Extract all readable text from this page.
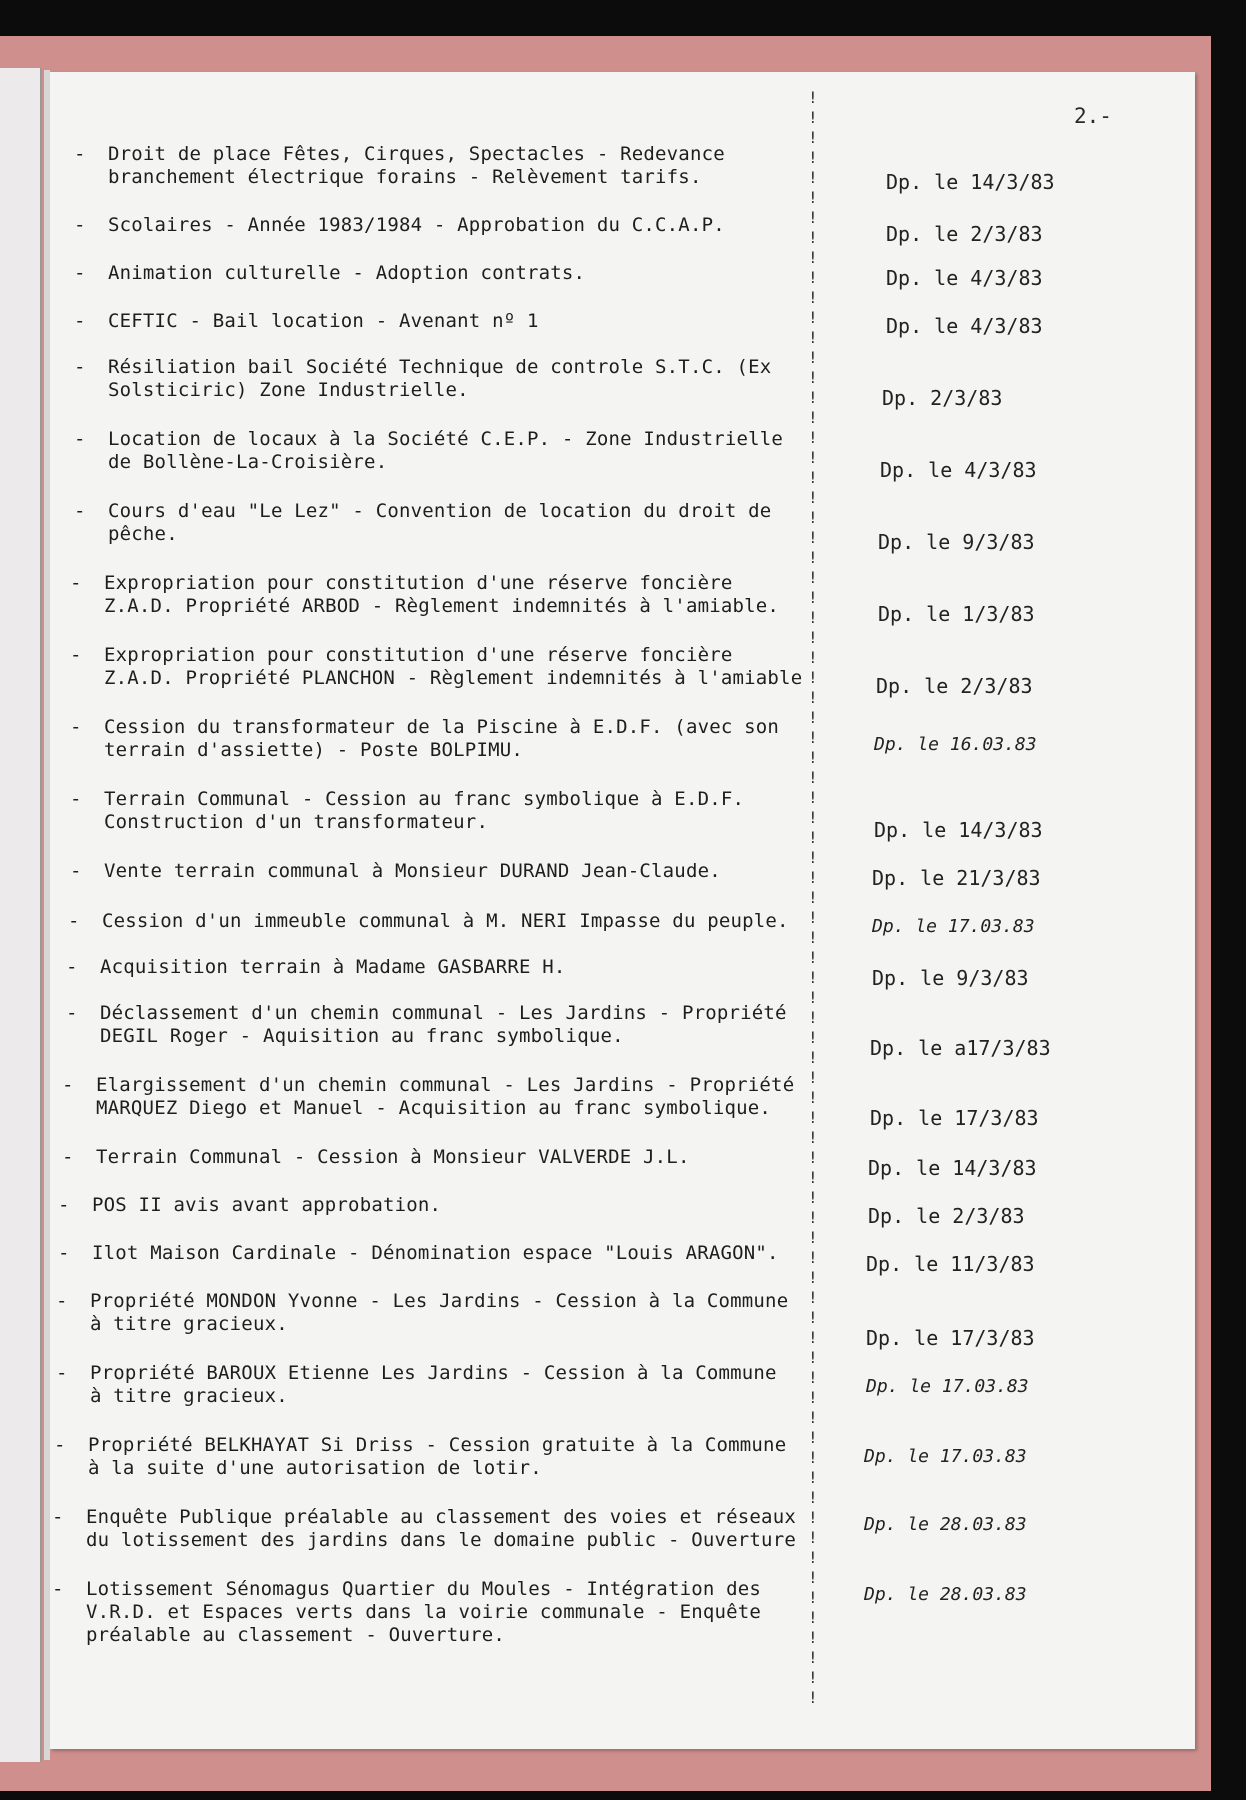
2.-
!
!
!
!
!
!
!
!
!
!
!
!
!
!
!
!
!
!
!
!
!
!
!
!
!
!
!
!
!
!
!
!
!
!
!
!
!
!
!
!
!
!
!
!
!
!
!
!
!
!
!
!
!
!
!
!
!
!
!
!
!
!
!
!
!
!
!
!
!
!
!
!
!
!
!
!
!
!
!
!
!
- Droit de place Fêtes, Cirques, Spectacles - Redevance
branchement électrique forains - Relèvement tarifs.	Dp. le 14/3/83
- Scolaires - Année 1983/1984 - Approbation du C.C.A.P.	Dp. le 2/3/83
- Animation culturelle - Adoption contrats.	Dp. le 4/3/83
- CEFTIC - Bail location - Avenant nº 1	Dp. le 4/3/83
- Résiliation bail Société Technique de controle S.T.C. (Ex
Solsticiric) Zone Industrielle.	Dp. 2/3/83
- Location de locaux à la Société C.E.P. - Zone Industrielle
de Bollène-La-Croisière.	Dp. le 4/3/83
- Cours d'eau "Le Lez" - Convention de location du droit de
pêche.	Dp. le 9/3/83
- Expropriation pour constitution d'une réserve foncière
Z.A.D. Propriété ARBOD - Règlement indemnités à l'amiable.	Dp. le 1/3/83
- Expropriation pour constitution d'une réserve foncière
Z.A.D. Propriété PLANCHON - Règlement indemnités à l'amiable	Dp. le 2/3/83
- Cession du transformateur de la Piscine à E.D.F. (avec son
terrain d'assiette) - Poste BOLPIMU.	Dp. le 16.03.83
- Terrain Communal - Cession au franc symbolique à E.D.F.
Construction d'un transformateur.	Dp. le 14/3/83
- Vente terrain communal à Monsieur DURAND Jean-Claude.	Dp. le 21/3/83
- Cession d'un immeuble communal à M. NERI Impasse du peuple.	Dp. le 17.03.83
- Acquisition terrain à Madame GASBARRE H.	Dp. le 9/3/83
- Déclassement d'un chemin communal - Les Jardins - Propriété
DEGIL Roger - Aquisition au franc symbolique.	Dp. le a17/3/83
- Elargissement d'un chemin communal - Les Jardins - Propriété
MARQUEZ Diego et Manuel - Acquisition au franc symbolique.	Dp. le 17/3/83
- Terrain Communal - Cession à Monsieur VALVERDE J.L.	Dp. le 14/3/83
- POS II avis avant approbation.	Dp. le 2/3/83
- Ilot Maison Cardinale - Dénomination espace "Louis ARAGON".	Dp. le 11/3/83
- Propriété MONDON Yvonne - Les Jardins - Cession à la Commune
à titre gracieux.
Dp. le 17/3/83
- Propriété BAROUX Etienne Les Jardins - Cession à la Commune
à titre gracieux.	Dp. le 17.03.83
- Propriété BELKHAYAT Si Driss - Cession gratuite à la Commune
à la suite d'une autorisation de lotir.
Dp. le 17.03.83
- Enquête Publique préalable au classement des voies et réseaux
du lotissement des jardins dans le domaine public - Ouverture
Dp. le 28.03.83
- Lotissement Sénomagus Quartier du Moules - Intégration des
V.R.D. et Espaces verts dans la voirie communale - Enquête
préalable au classement - Ouverture.
Dp. le 28.03.83
